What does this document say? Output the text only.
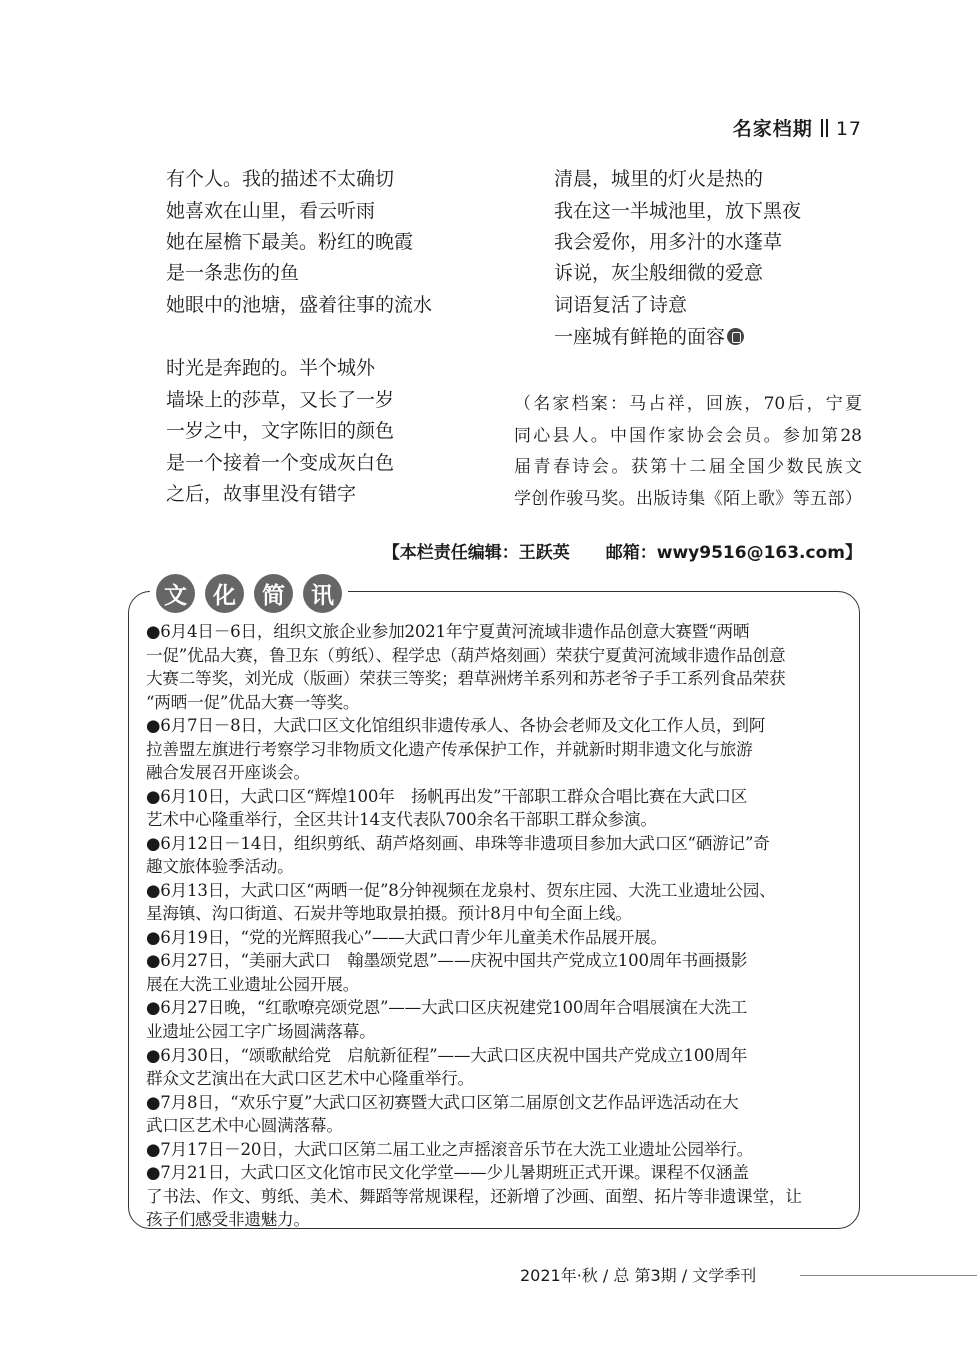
名家档期 17
有个人。我的描述不太确切
她喜欢在山里，看云听雨
她在屋檐下最美。粉红的晚霞
是一条悲伤的鱼
她眼中的池塘，盛着往事的流水
时光是奔跑的。半个城外
墙垛上的莎草，又长了一岁
一岁之中，文字陈旧的颜色
是一个接着一个变成灰白色
之后，故事里没有错字
清晨，城里的灯火是热的
我在这一半城池里，放下黑夜
我会爱你，用多汁的水蓬草
诉说，灰尘般细微的爱意
词语复活了诗意
一座城有鲜艳的面容
（名家档案：马占祥，回族，70后，宁夏
同心县人。中国作家协会会员。参加第28
届青春诗会。获第十二届全国少数民族文
学创作骏马奖。出版诗集《陌上歌》等五部）
【本栏责任编辑：王跃英 邮箱：wwy9516@163.com】
文	化	简	讯
●6月4日－6日，组织文旅企业参加2021年宁夏黄河流域非遗作品创意大赛暨“两晒
一促”优品大赛，鲁卫东（剪纸）、程学忠（葫芦烙刻画）荣获宁夏黄河流域非遗作品创意
大赛二等奖，刘光成（版画）荣获三等奖；碧草洲烤羊系列和苏老爷子手工系列食品荣获
“两晒一促”优品大赛一等奖。
●6月7日－8日，大武口区文化馆组织非遗传承人、各协会老师及文化工作人员，到阿
拉善盟左旗进行考察学习非物质文化遗产传承保护工作，并就新时期非遗文化与旅游
融合发展召开座谈会。
●6月10日，大武口区“辉煌100年　扬帆再出发”干部职工群众合唱比赛在大武口区
艺术中心隆重举行，全区共计14支代表队700余名干部职工群众参演。
●6月12日－14日，组织剪纸、葫芦烙刻画、串珠等非遗项目参加大武口区“硒游记”奇
趣文旅体验季活动。
●6月13日，大武口区“两晒一促”8分钟视频在龙泉村、贺东庄园、大洗工业遗址公园、
星海镇、沟口街道、石炭井等地取景拍摄。预计8月中旬全面上线。
●6月19日，“党的光辉照我心”——大武口青少年儿童美术作品展开展。
●6月27日，“美丽大武口　翰墨颂党恩”——庆祝中国共产党成立100周年书画摄影
展在大洗工业遗址公园开展。
●6月27日晚，“红歌嘹亮颂党恩”——大武口区庆祝建党100周年合唱展演在大洗工
业遗址公园工字广场圆满落幕。
●6月30日，“颂歌献给党　启航新征程”——大武口区庆祝中国共产党成立100周年
群众文艺演出在大武口区艺术中心隆重举行。
●7月8日，“欢乐宁夏”大武口区初赛暨大武口区第二届原创文艺作品评选活动在大
武口区艺术中心圆满落幕。
●7月17日－20日，大武口区第二届工业之声摇滚音乐节在大洗工业遗址公园举行。
●7月21日，大武口区文化馆市民文化学堂——少儿暑期班正式开课。课程不仅涵盖
了书法、作文、剪纸、美术、舞蹈等常规课程，还新增了沙画、面塑、拓片等非遗课堂，让
孩子们感受非遗魅力。
2021年·秋 / 总 第3期 / 文学季刊
